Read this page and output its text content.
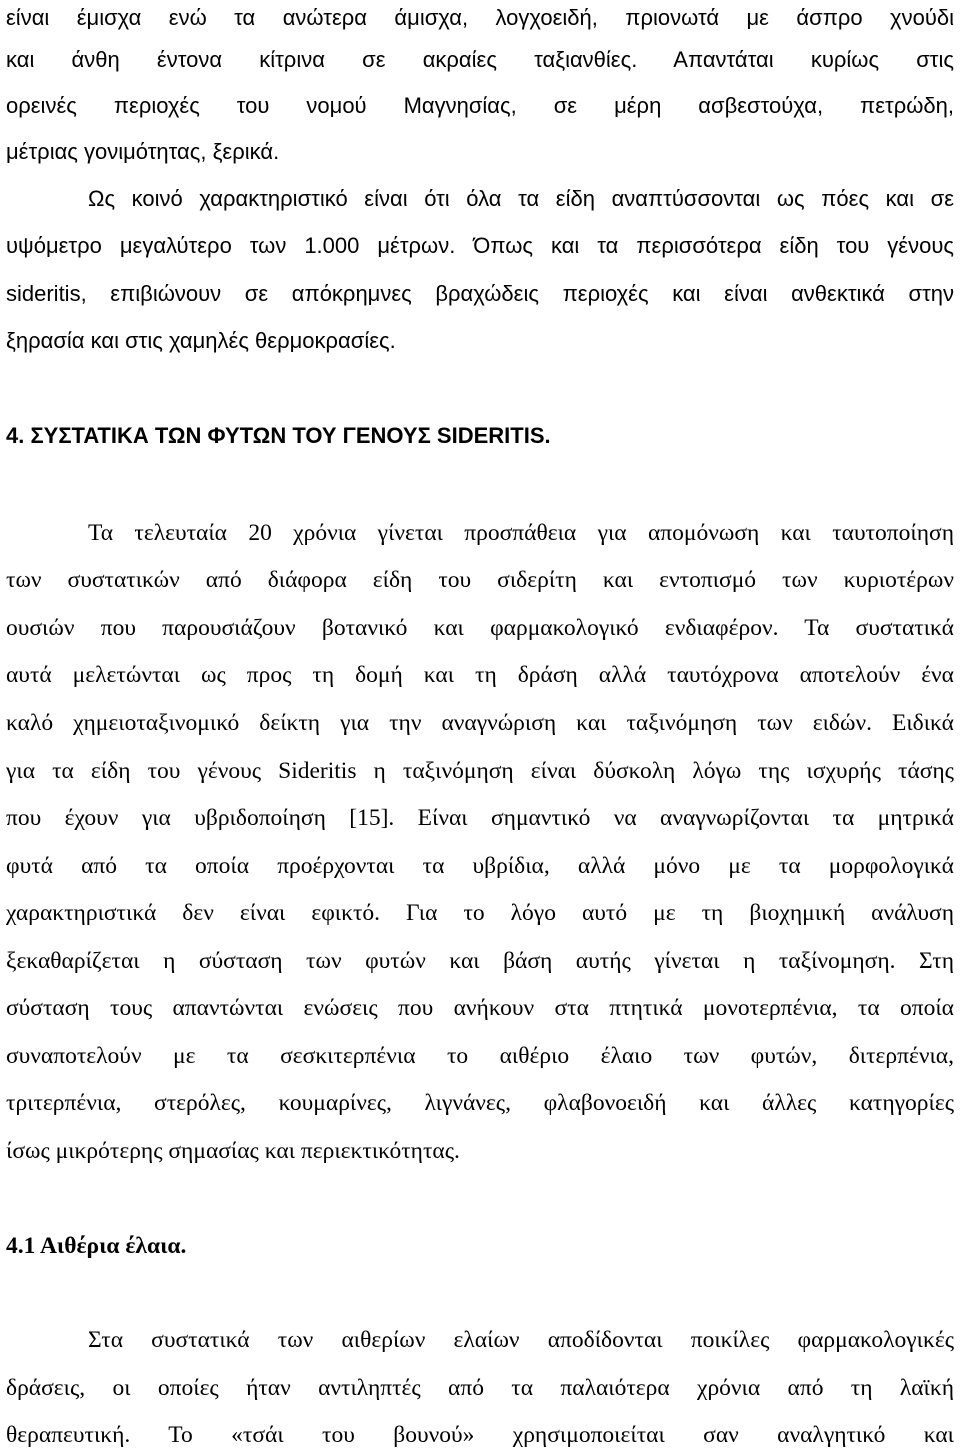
είναι έμισχα ενώ τα ανώτερα άμισχα, λογχοειδή, πριονωτά με άσπρο χνούδι

και άνθη έντονα κίτρινα σε ακραίες ταξιανθίες. Απαντάται κυρίως στις

ορεινές περιοχές του νομού Μαγνησίας, σε μέρη ασβεστούχα, πετρώδη,

μέτριας γονιμότητας, ξερικά.

Ως κοινό χαρακτηριστικό είναι ότι όλα τα είδη αναπτύσσονται ως πόες και σε

υψόμετρο μεγαλύτερο των 1.000 μέτρων. Όπως και τα περισσότερα είδη του γένους

sideritis, επιβιώνουν σε απόκρημνες βραχώδεις περιοχές και είναι ανθεκτικά στην

ξηρασία και στις χαμηλές θερμοκρασίες.

4. ΣΥΣΤΑΤΙΚΑ ΤΩΝ ΦΥΤΩΝ ΤΟΥ ΓΕΝΟΥΣ SIDERITIS.

Τα τελευταία 20 χρόνια γίνεται προσπάθεια για απομόνωση και ταυτοποίηση

των συστατικών από διάφορα είδη του σιδερίτη και εντοπισμό των κυριοτέρων

ουσιών που παρουσιάζουν βοτανικό και φαρμακολογικό ενδιαφέρον. Τα συστατικά

αυτά μελετώνται ως προς τη δομή και τη δράση αλλά ταυτόχρονα αποτελούν ένα

καλό χημειοταξινομικό δείκτη για την αναγνώριση και ταξινόμηση των ειδών. Ειδικά

για τα είδη του γένους Sideritis η ταξινόμηση είναι δύσκολη λόγω της ισχυρής τάσης

που έχουν για υβριδοποίηση [15]. Είναι σημαντικό να αναγνωρίζονται τα μητρικά

φυτά από τα οποία προέρχονται τα υβρίδια, αλλά μόνο με τα μορφολογικά

χαρακτηριστικά δεν είναι εφικτό. Για το λόγο αυτό με τη βιοχημική ανάλυση

ξεκαθαρίζεται η σύσταση των φυτών και βάση αυτής γίνεται η ταξίνομηση. Στη

σύσταση τους απαντώνται ενώσεις που ανήκουν στα πτητικά μονοτερπένια, τα οποία

συναποτελούν με τα σεσκιτερπένια το αιθέριο έλαιο των φυτών, διτερπένια,

τριτερπένια, στερόλες, κουμαρίνες, λιγνάνες, φλαβονοειδή και άλλες κατηγορίες

ίσως μικρότερης σημασίας και περιεκτικότητας.

4.1 Αιθέρια έλαια.

Στα συστατικά των αιθερίων ελαίων αποδίδονται ποικίλες φαρμακολογικές

δράσεις, οι οποίες ήταν αντιληπτές από τα παλαιότερα χρόνια από τη λαϊκή

θεραπευτική. Το «τσάι του βουνού» χρησιμοποιείται σαν αναλγητικό και
